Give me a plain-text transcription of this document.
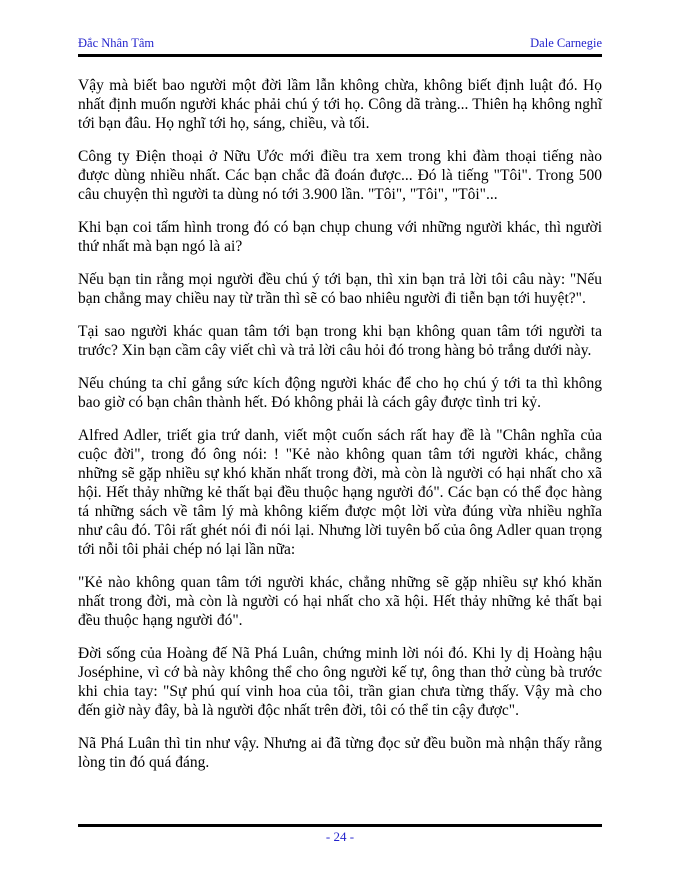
Đắc Nhân Tâm	Dale Carnegie

Vậy mà biết bao người một đời lầm lẫn không chừa, không biết định luật đó. Họ nhất định muốn người khác phải chú ý tới họ. Công dã tràng... Thiên hạ không nghĩ tới bạn đâu. Họ nghĩ tới họ, sáng, chiều, và tối.

Công ty Điện thoại ở Nữu Ước mới điều tra xem trong khi đàm thoại tiếng nào được dùng nhiều nhất. Các bạn chắc đã đoán được... Đó là tiếng "Tôi". Trong 500 câu chuyện thì người ta dùng nó tới 3.900 lần. "Tôi", "Tôi", "Tôi"...

Khi bạn coi tấm hình trong đó có bạn chụp chung với những người khác, thì người thứ nhất mà bạn ngó là ai?

Nếu bạn tin rằng mọi người đều chú ý tới bạn, thì xin bạn trả lời tôi câu này: "Nếu bạn chẳng may chiều nay từ trần thì sẽ có bao nhiêu người đi tiễn bạn tới huyệt?".

Tại sao người khác quan tâm tới bạn trong khi bạn không quan tâm tới người ta trước? Xin bạn cầm cây viết chì và trả lời câu hỏi đó trong hàng bỏ trắng dưới này.

Nếu chúng ta chỉ gắng sức kích động người khác để cho họ chú ý tới ta thì không bao giờ có bạn chân thành hết. Đó không phải là cách gây được tình tri kỷ.

Alfred Adler, triết gia trứ danh, viết một cuốn sách rất hay đề là "Chân nghĩa của cuộc đời", trong đó ông nói: ! "Kẻ nào không quan tâm tới người khác, chẳng những sẽ gặp nhiều sự khó khăn nhất trong đời, mà còn là người có hại nhất cho xã hội. Hết thảy những kẻ thất bại đều thuộc hạng người đó". Các bạn có thể đọc hàng tá những sách về tâm lý mà không kiếm được một lời vừa đúng vừa nhiều nghĩa như câu đó. Tôi rất ghét nói đi nói lại. Nhưng lời tuyên bố của ông Adler quan trọng tới nỗi tôi phải chép nó lại lần nữa:

"Kẻ nào không quan tâm tới người khác, chẳng những sẽ gặp nhiều sự khó khăn nhất trong đời, mà còn là người có hại nhất cho xã hội. Hết thảy những kẻ thất bại đều thuộc hạng người đó".

Đời sống của Hoàng đế Nã Phá Luân, chứng minh lời nói đó. Khi ly dị Hoàng hậu Joséphine, vì cớ bà này không thể cho ông người kế tự, ông than thở cùng bà trước khi chia tay: "Sự phú quí vinh hoa của tôi, trần gian chưa từng thấy. Vậy mà cho đến giờ này đây, bà là người độc nhất trên đời, tôi có thể tin cậy được".

Nã Phá Luân thì tin như vậy. Nhưng ai đã từng đọc sử đều buồn mà nhận thấy rằng lòng tin đó quá đáng.

- 24 -
